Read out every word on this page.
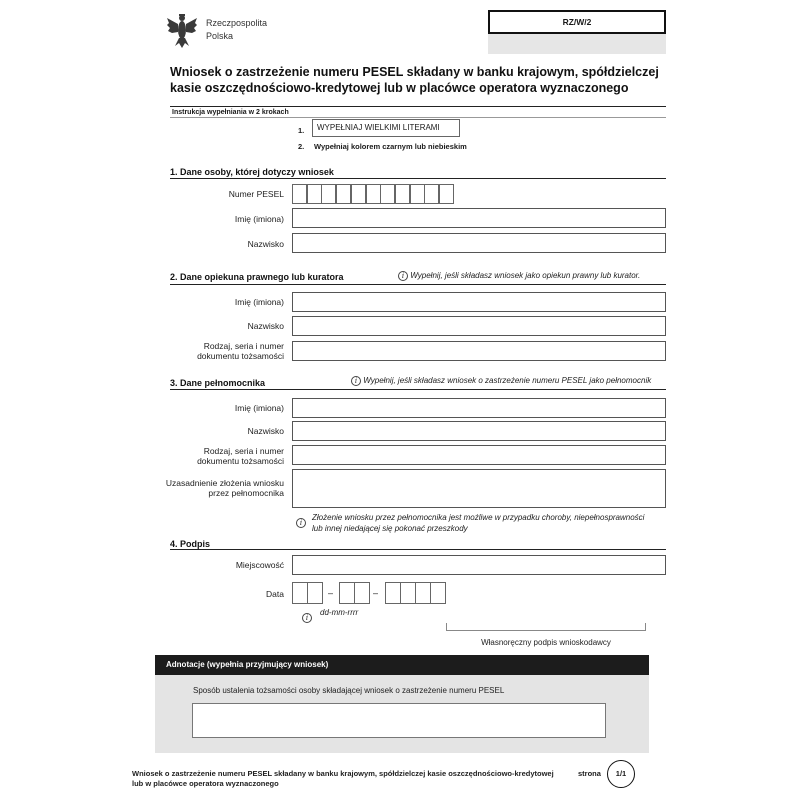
Rzeczpospolita
Polska
RZ/W/2
Wniosek o zastrzeżenie numeru PESEL składany w banku krajowym, spółdzielczej
kasie oszczędnościowo-kredytowej lub w placówce operatora wyznaczonego
Instrukcja wypełniania w 2 krokach
1.	WYPEŁNIAJ WIELKIMI LITERAMI
2. Wypełniaj kolorem czarnym lub niebieskim
1. Dane osoby, której dotyczy wniosek
Numer PESEL
Imię (imiona)
Nazwisko
2. Dane opiekuna prawnego lub kuratora	i Wypełnij, jeśli składasz wniosek jako opiekun prawny lub kurator.
Imię (imiona)
Nazwisko
Rodzaj, seria i numer
dokumentu tożsamości
3. Dane pełnomocnika	i Wypełnij, jeśli składasz wniosek o zastrzeżenie numeru PESEL jako pełnomocnik
Imię (imiona)
Nazwisko
Rodzaj, seria i numer
dokumentu tożsamości
Uzasadnienie złożenia wniosku
przez pełnomocnika
i
Złożenie wniosku przez pełnomocnika jest możliwe w przypadku choroby, niepełnosprawności
lub innej niedającej się pokonać przeszkody
4. Podpis
Miejscowość
Data	–	–
i
dd-mm-rrrr
Własnoręczny podpis wnioskodawcy
Adnotacje (wypełnia przyjmujący wniosek)
Sposób ustalenia tożsamości osoby składającej wniosek o zastrzeżenie numeru PESEL
Wniosek o zastrzeżenie numeru PESEL składany w banku krajowym, spółdzielczej kasie oszczędnościowo-kredytowej
lub w placówce operatora wyznaczonego
strona	1/1
